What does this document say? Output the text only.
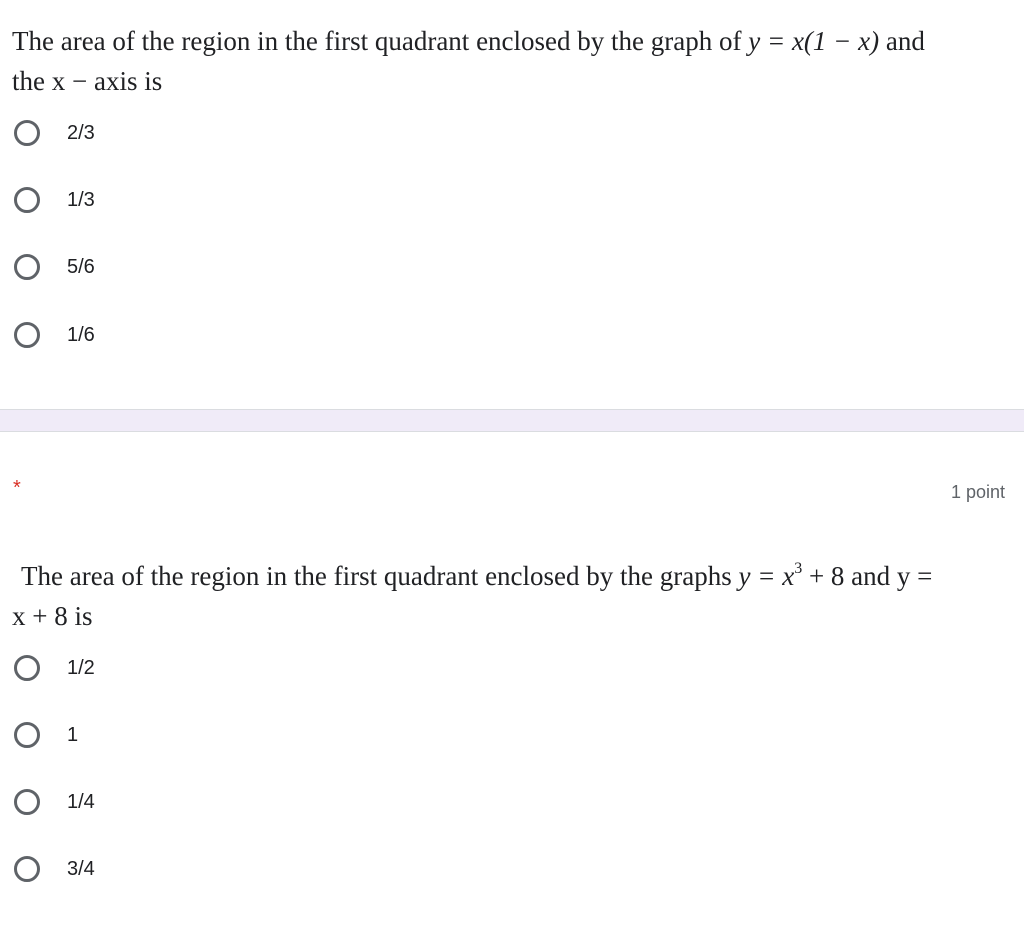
The area of the region in the first quadrant enclosed by the graph of y = x(1 − x) and
the x − axis is
2/3
1/3
5/6
1/6
*	1 point
The area of the region in the first quadrant enclosed by the graphs $y = x^3 + 8$ and y =
x + 8 is
1/2
1
1/4
3/4
